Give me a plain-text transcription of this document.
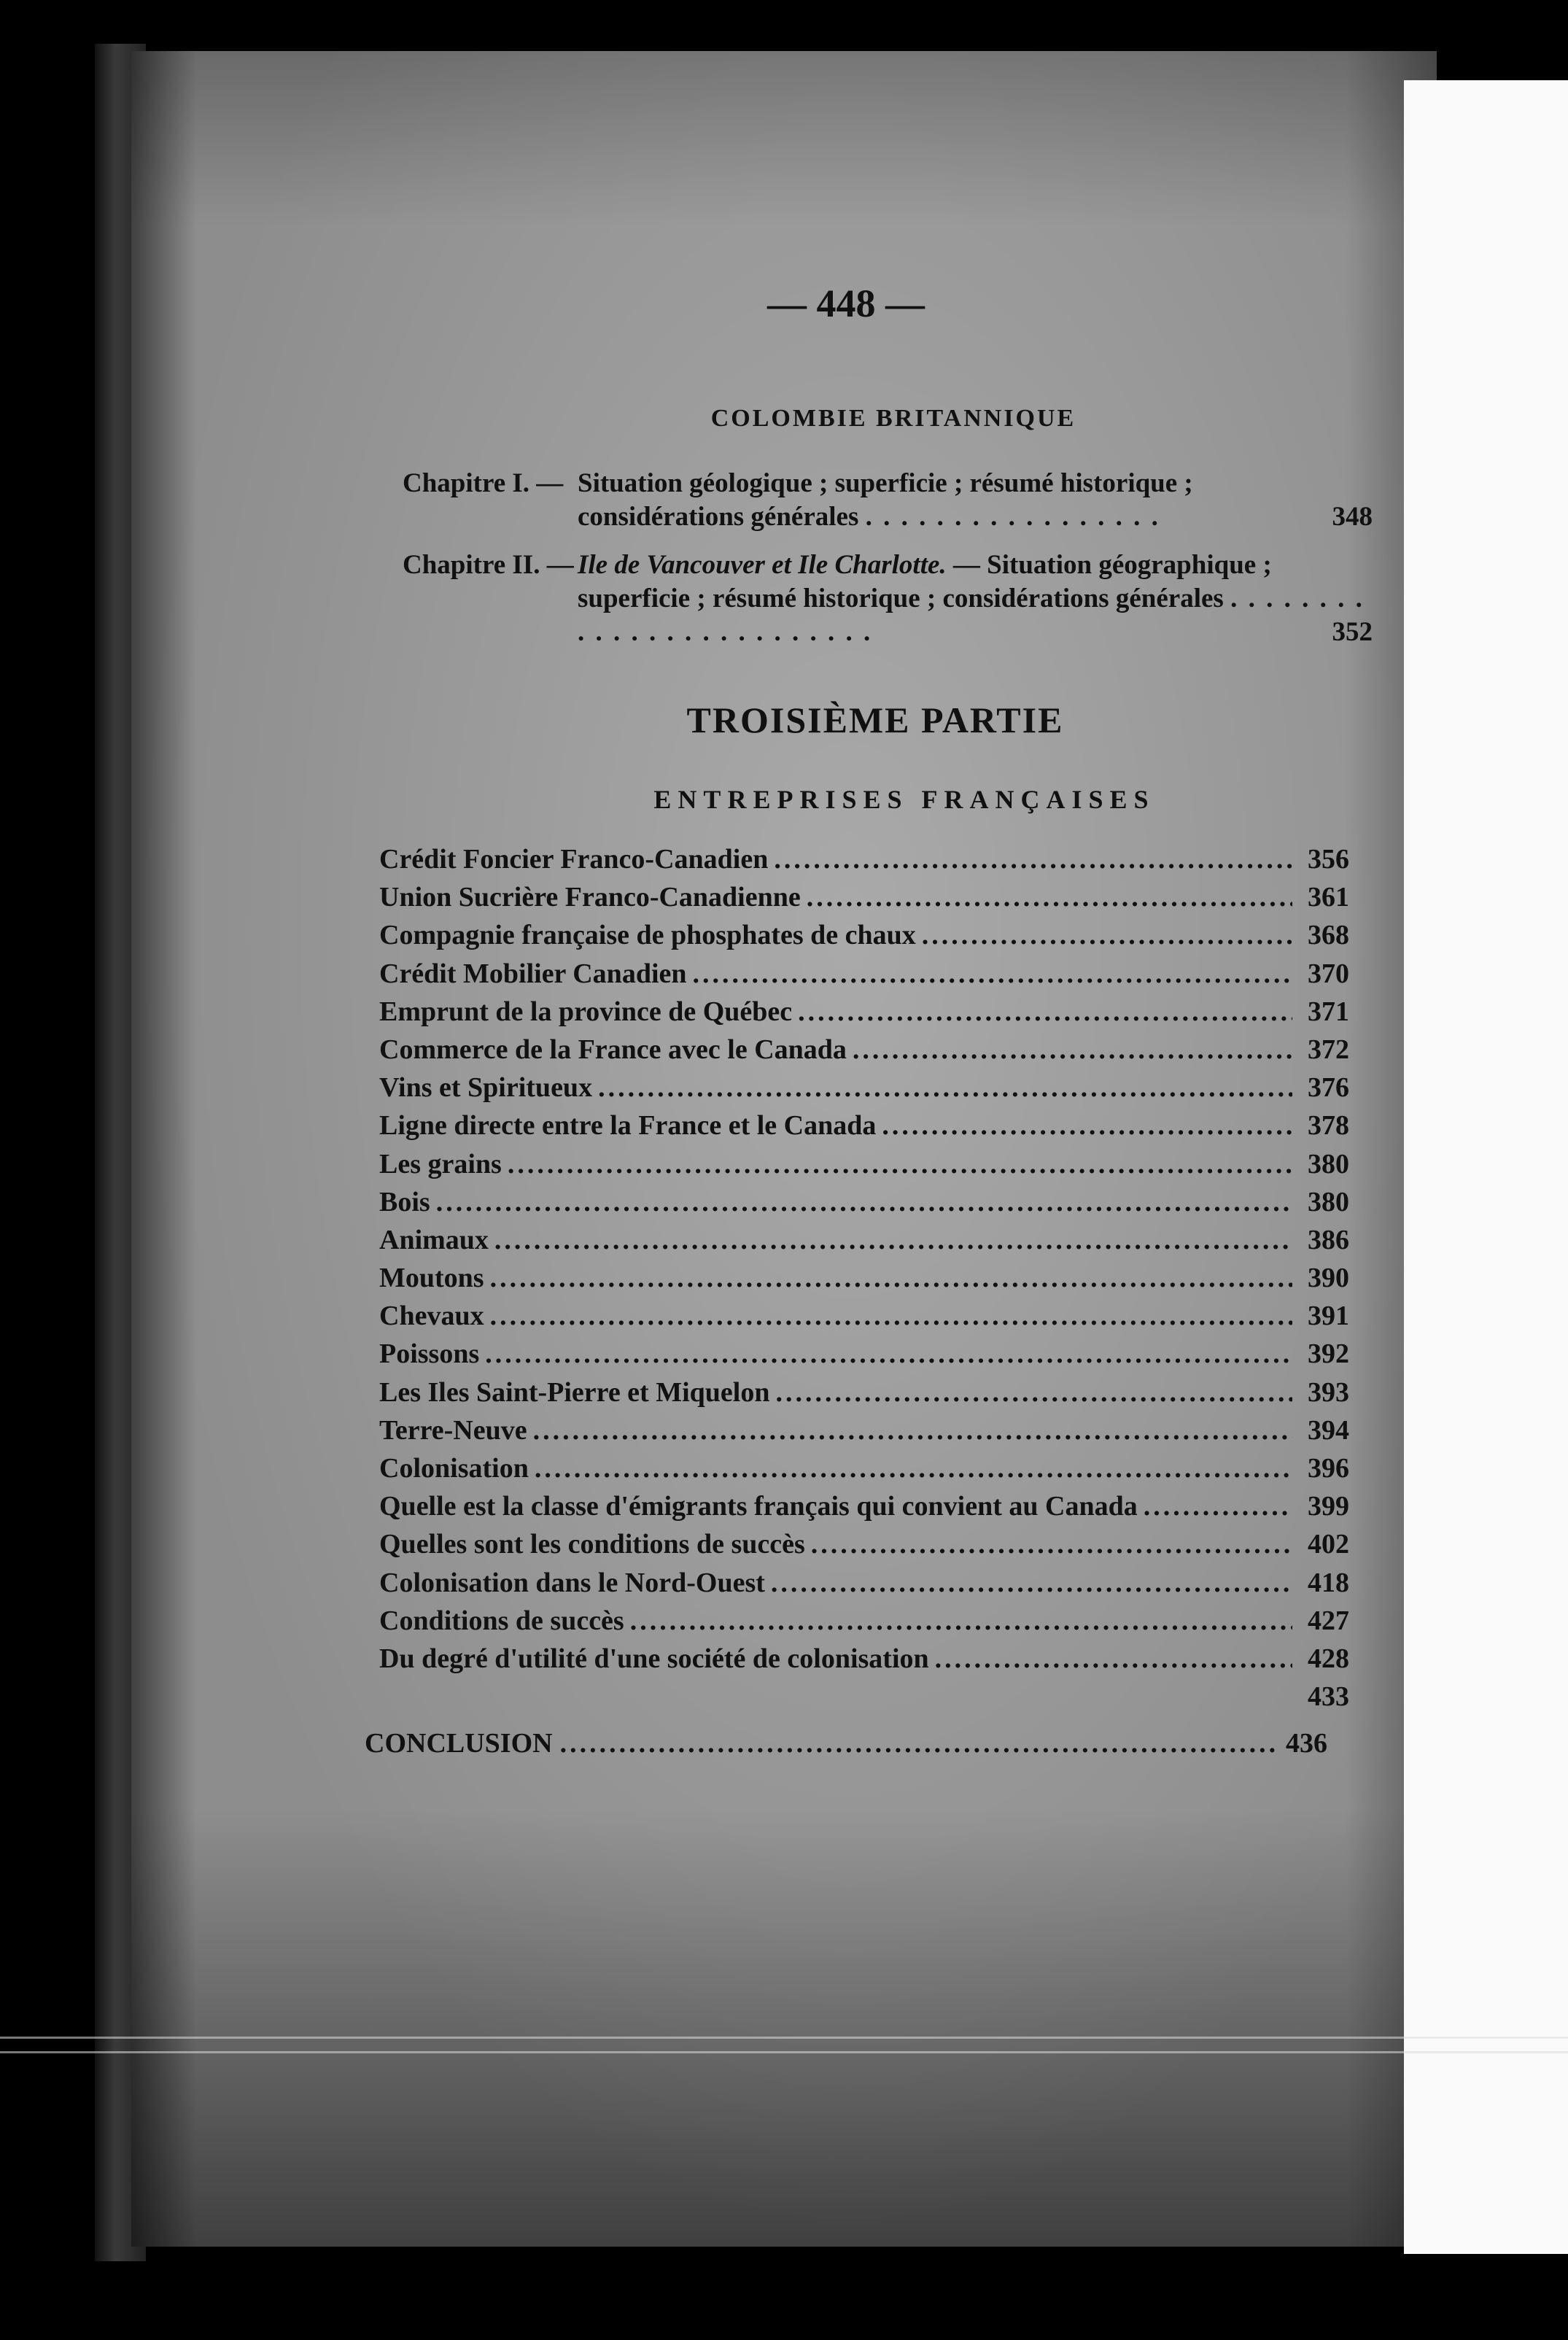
— 448 —
COLOMBIE BRITANNIQUE
Chapitre I. — Situation géologique ; superficie ; résumé historique ; considérations générales . . . . . . . . . . . . . . . . .	348
Chapitre II. — Ile de Vancouver et Ile Charlotte. — Situation géographique ; superficie ; résumé historique ; considérations générales . . . . . . . . . . . . . . . . . . . . . . . . .	352
TROISIÈME PARTIE
ENTREPRISES FRANÇAISES
Crédit Foncier Franco-Canadien .....	356
Union Sucrière Franco-Canadienne .....	361
Compagnie française de phosphates de chaux .....	368
Crédit Mobilier Canadien .....	370
Emprunt de la province de Québec .....	371
Commerce de la France avec le Canada .....	372
Vins et Spiritueux .....	376
Ligne directe entre la France et le Canada .....	378
Les grains .....	380
Bois .....	380
Animaux .....	386
Moutons .....	390
Chevaux .....	391
Poissons .....	392
Les Iles Saint-Pierre et Miquelon .....	393
Terre-Neuve .....	394
Colonisation .....	396
Quelle est la classe d'émigrants français qui convient au Canada .....	399
Quelles sont les conditions de succès .....	402
Colonisation dans le Nord-Ouest .....	418
Conditions de succès .....	427
Du degré d'utilité d'une société de colonisation .....	428
433
CONCLUSION .....	436
